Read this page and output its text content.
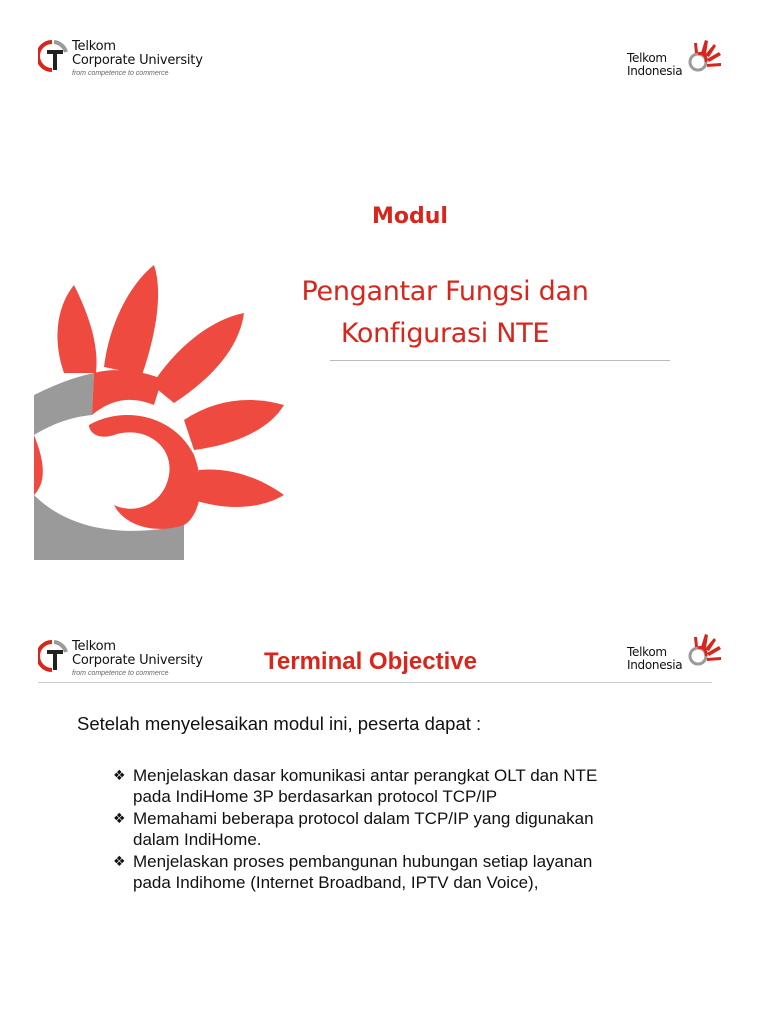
Telkom
Corporate University
from competence to commerce
Telkom
Indonesia
Modul
Pengantar Fungsi dan
Konfigurasi NTE
Telkom
Corporate University
from competence to commerce	Terminal Objective	Telkom
Indonesia
Setelah menyelesaikan modul ini, peserta dapat :
❖ Menjelaskan dasar komunikasi antar perangkat OLT dan NTE
pada IndiHome 3P berdasarkan protocol TCP/IP
❖ Memahami beberapa protocol dalam TCP/IP yang digunakan
dalam IndiHome.
❖ Menjelaskan proses pembangunan hubungan setiap layanan
pada Indihome (Internet Broadband, IPTV dan Voice),
